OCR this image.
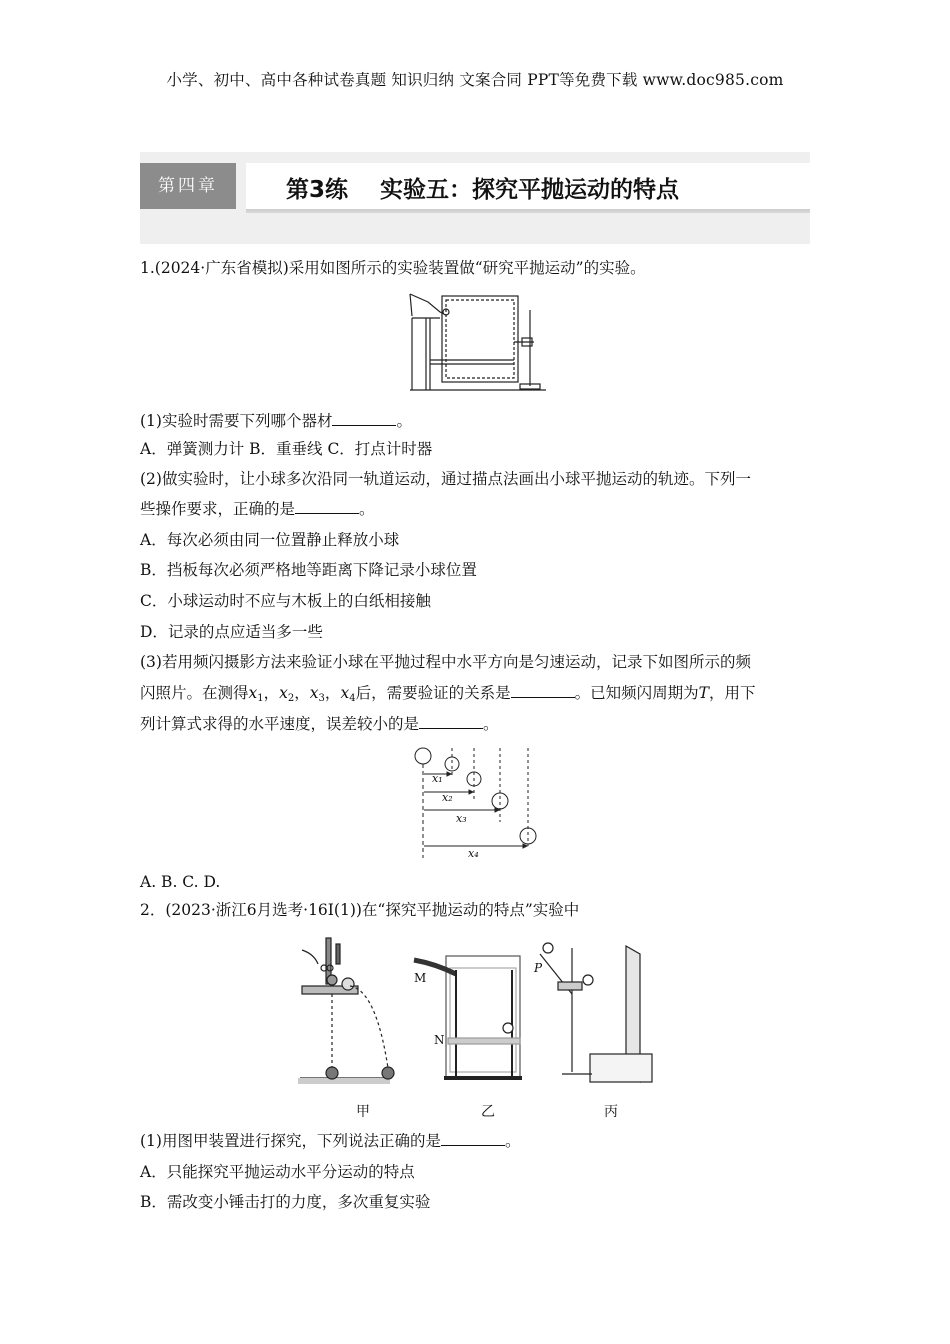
小学、初中、高中各种试卷真题 知识归纳 文案合同 PPT等免费下载 www.doc985.com
第四章	第3练    实验五：探究平抛运动的特点
1.(2024·广东省模拟)采用如图所示的实验装置做“研究平抛运动”的实验。
(1)实验时需要下列哪个器材	。
A．弹簧测力计 B．重垂线 C．打点计时器
(2)做实验时，让小球多次沿同一轨道运动，通过描点法画出小球平抛运动的轨迹。下列一
些操作要求，正确的是	。
A．每次必须由同一位置静止释放小球
B．挡板每次必须严格地等距离下降记录小球位置
C．小球运动时不应与木板上的白纸相接触
D．记录的点应适当多一些
(3)若用频闪摄影方法来验证小球在平抛过程中水平方向是匀速运动，记录下如图所示的频
闪照片。在测得$x_1$，$x_2$，$x_3$，$x_4$后，需要验证的关系是	。已知频闪周期为T，用下
列计算式求得的水平速度，误差较小的是	。
x₁
x₂
x₃
x₄
A. B. C. D.
2．(2023·浙江6月选考·16Ⅰ(1))在“探究平抛运动的特点”实验中
M
N
P
甲	乙	丙
(1)用图甲装置进行探究，下列说法正确的是	。
A．只能探究平抛运动水平分运动的特点
B．需改变小锤击打的力度，多次重复实验
